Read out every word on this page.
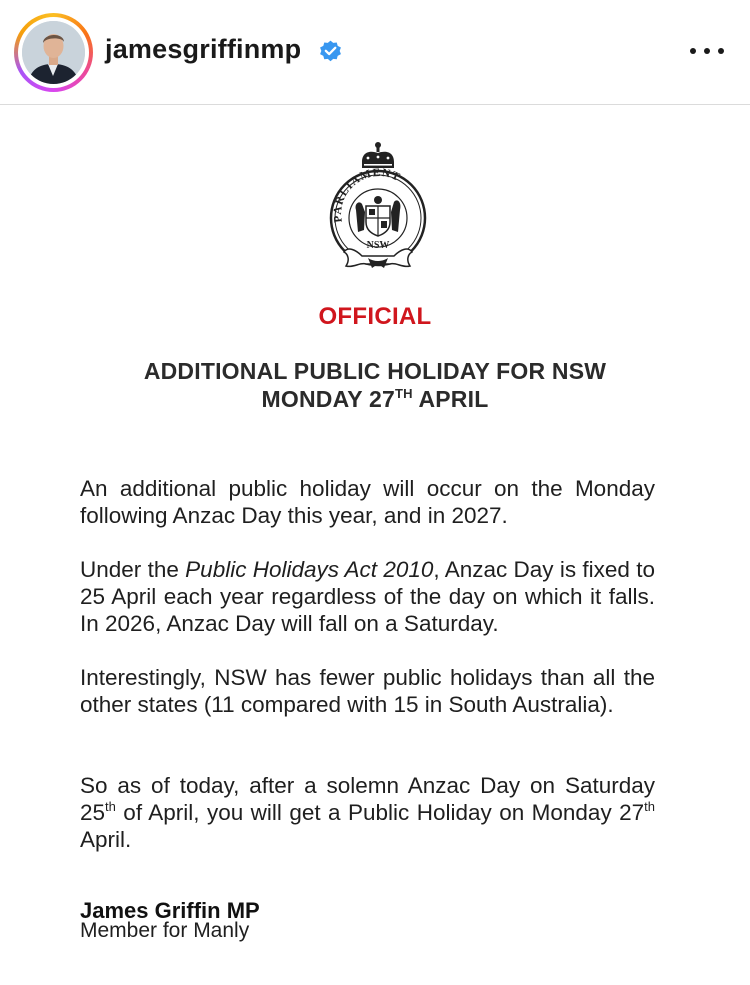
jamesgriffinmp
PARLIAMENT
NSW
OFFICIAL
ADDITIONAL PUBLIC HOLIDAY FOR NSW
MONDAY 27TH APRIL

An additional public holiday will occur on the Monday following Anzac Day this year, and in 2027.

Under the Public Holidays Act 2010, Anzac Day is fixed to 25 April each year regardless of the day on which it falls. In 2026, Anzac Day will fall on a Saturday.

Interestingly, NSW has fewer public holidays than all the other states (11 compared with 15 in South Australia).

So as of today, after a solemn Anzac Day on Saturday 25th of April, you will get a Public Holiday on Monday 27th April.

James Griffin MP
Member for Manly
